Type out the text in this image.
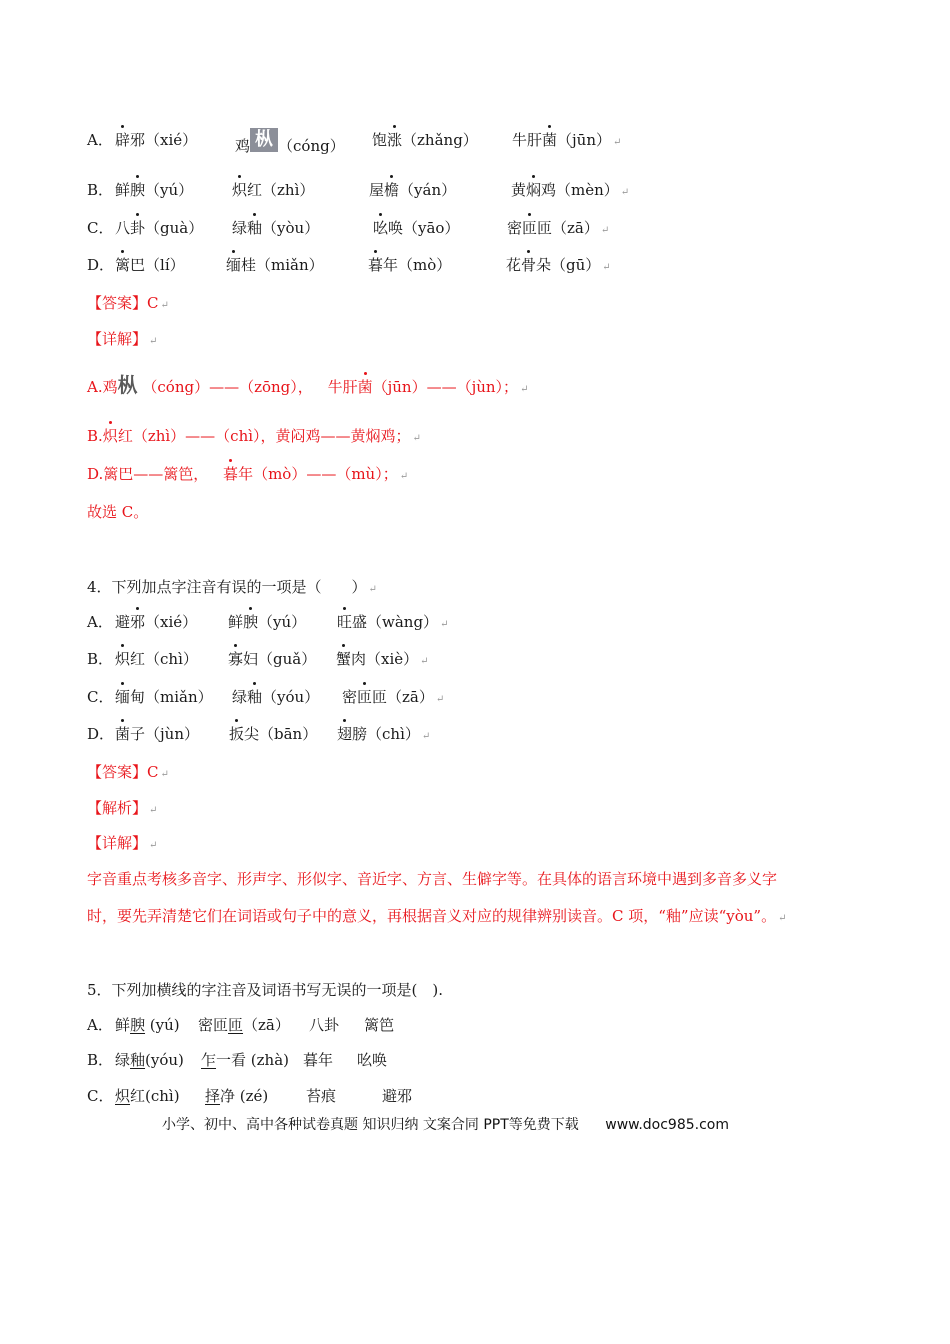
A． 辟邪（xié）	鸡 枞 （cóng） 饱涨（zhǎng） 牛肝菌（jūn） ↵
B． 鲜腴（yú）	炽红（zhì）	屋檐（yán）	黄焖鸡（mèn） ↵
C． 八卦（guà） 绿釉（yòu）	吆唤（yāo）	密匝匝（zā） ↵
D． 篱巴（lí）	缅桂（miǎn）	暮年（mò）	花骨朵（gū） ↵
【答案】C ↵
【详解】 ↵
A.鸡枞 （cóng）——（zōng）， 牛肝菌（jūn）——（jùn）； ↵
B.炽红（zhì）——（chì），黄闷鸡——黄焖鸡； ↵
D.篱巴——篱笆， 暮年（mò）——（mù）； ↵
故选 C。
4．下列加点字注音有误的一项是（　　） ↵
A． 避邪（xié） 鲜腴（yú） 旺盛（wàng） ↵
B． 炽红（chì） 寡妇（guǎ） 蟹肉（xiè） ↵
C． 缅甸（miǎn） 绿釉（yóu） 密匝匝（zā） ↵
D． 菌子（jùn） 扳尖（bān） 翅膀（chì） ↵
【答案】C ↵
【解析】 ↵
【详解】 ↵
字音重点考核多音字、形声字、形似字、音近字、方言、生僻字等。在具体的语言环境中遇到多音多义字
时，要先弄清楚它们在词语或句子中的意义，再根据音义对应的规律辨别读音。C 项，“釉”应读“yòu”。 ↵
5．下列加横线的字注音及词语书写无误的一项是(　).
A． 鲜腴 (yú) 密匝匝（zā） 八卦 篱笆
B． 绿釉(yóu) 乍一看 (zhà) 暮年 吆唤
C． 炽红(chì) 择净 (zé)	苔痕	避邪
小学、初中、高中各种试卷真题 知识归纳 文案合同 PPT等免费下载 www.doc985.com
